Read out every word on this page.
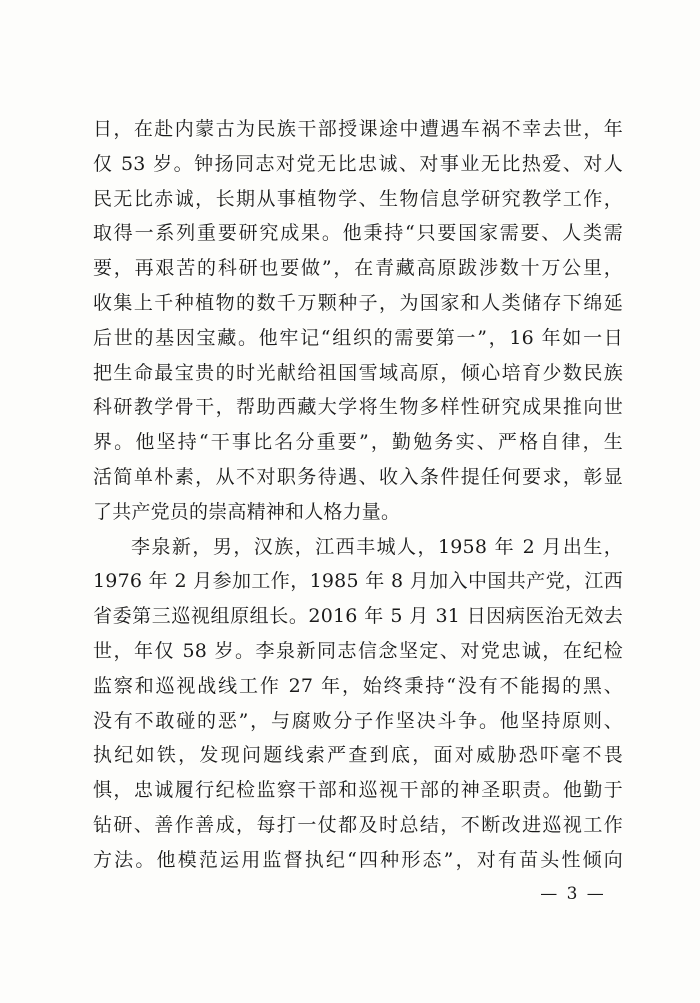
日，在赴内蒙古为民族干部授课途中遭遇车祸不幸去世，年
仅 53 岁。钟扬同志对党无比忠诚、对事业无比热爱、对人
民无比赤诚，长期从事植物学、生物信息学研究教学工作，
取得一系列重要研究成果。他秉持“只要国家需要、人类需
要，再艰苦的科研也要做”，在青藏高原跋涉数十万公里，
收集上千种植物的数千万颗种子，为国家和人类储存下绵延
后世的基因宝藏。他牢记“组织的需要第一”，16 年如一日
把生命最宝贵的时光献给祖国雪域高原，倾心培育少数民族
科研教学骨干，帮助西藏大学将生物多样性研究成果推向世
界。他坚持“干事比名分重要”，勤勉务实、严格自律，生
活简单朴素，从不对职务待遇、收入条件提任何要求，彰显
了共产党员的崇高精神和人格力量。
李泉新，男，汉族，江西丰城人，1958 年 2 月出生，
1976 年 2 月参加工作，1985 年 8 月加入中国共产党，江西
省委第三巡视组原组长。2016 年 5 月 31 日因病医治无效去
世，年仅 58 岁。李泉新同志信念坚定、对党忠诚，在纪检
监察和巡视战线工作 27 年，始终秉持“没有不能揭的黑、
没有不敢碰的恶”，与腐败分子作坚决斗争。他坚持原则、
执纪如铁，发现问题线索严查到底，面对威胁恐吓毫不畏
惧，忠诚履行纪检监察干部和巡视干部的神圣职责。他勤于
钻研、善作善成，每打一仗都及时总结，不断改进巡视工作
方法。他模范运用监督执纪“四种形态”，对有苗头性倾向
— 3 —
